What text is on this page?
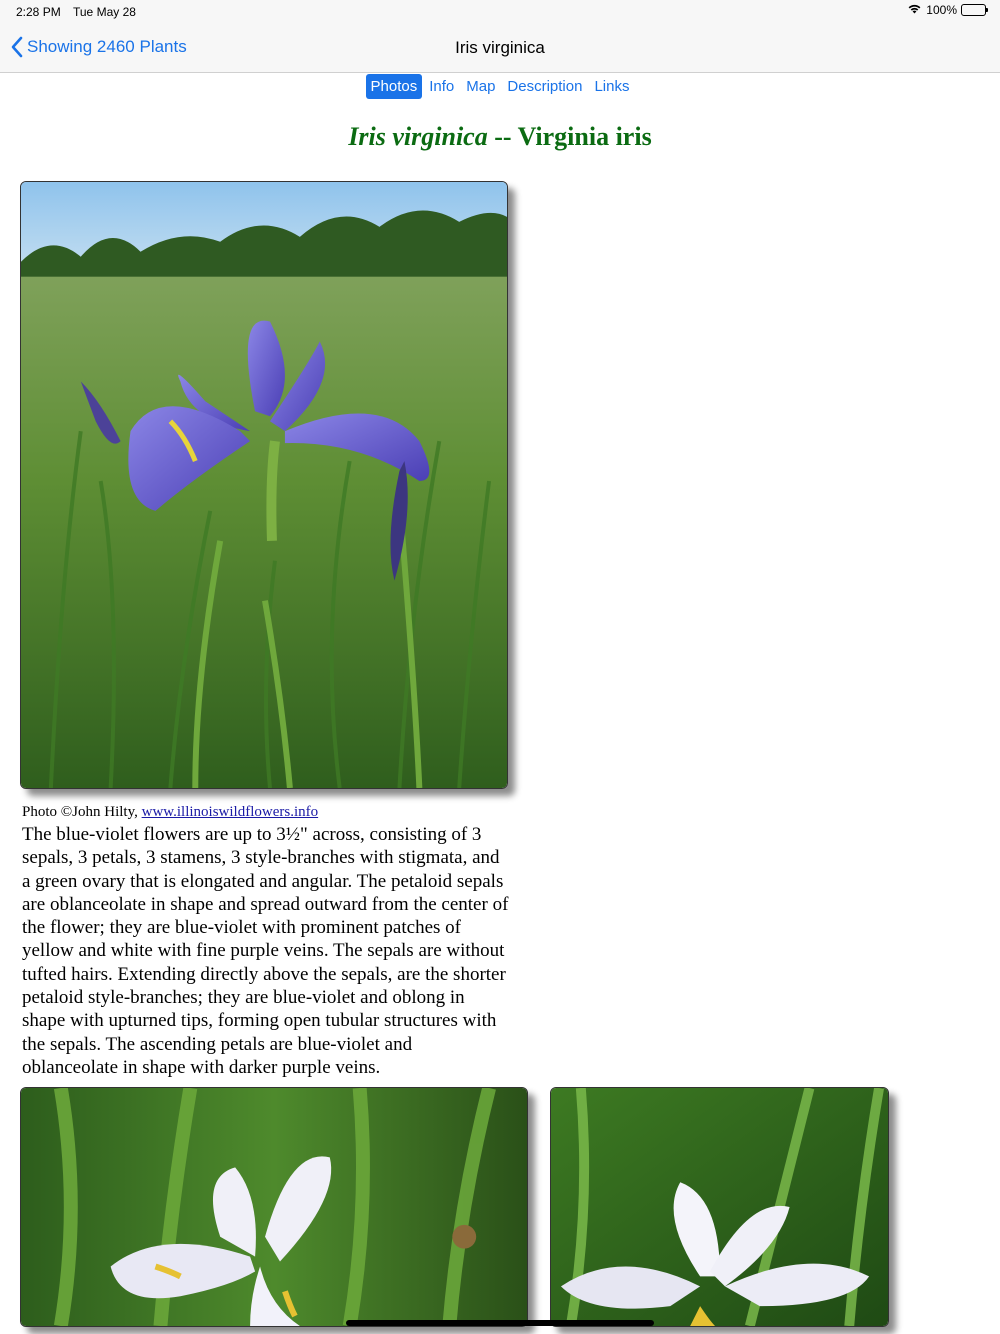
2:28 PM Tue May 28	100%
Showing 2460 Plants	Iris virginica
Photos Info Map Description Links
Iris virginica -- Virginia iris
Photo ©John Hilty, www.illinoiswildflowers.info
The blue-violet flowers are up to 3½" across, consisting of 3 sepals, 3 petals, 3 stamens, 3 style-branches with stigmata, and a green ovary that is elongated and angular. The petaloid sepals are oblanceolate in shape and spread outward from the center of the flower; they are blue-violet with prominent patches of yellow and white with fine purple veins. The sepals are without tufted hairs. Extending directly above the sepals, are the shorter petaloid style-branches; they are blue-violet and oblong in shape with upturned tips, forming open tubular structures with the sepals. The ascending petals are blue-violet and oblanceolate in shape with darker purple veins.
